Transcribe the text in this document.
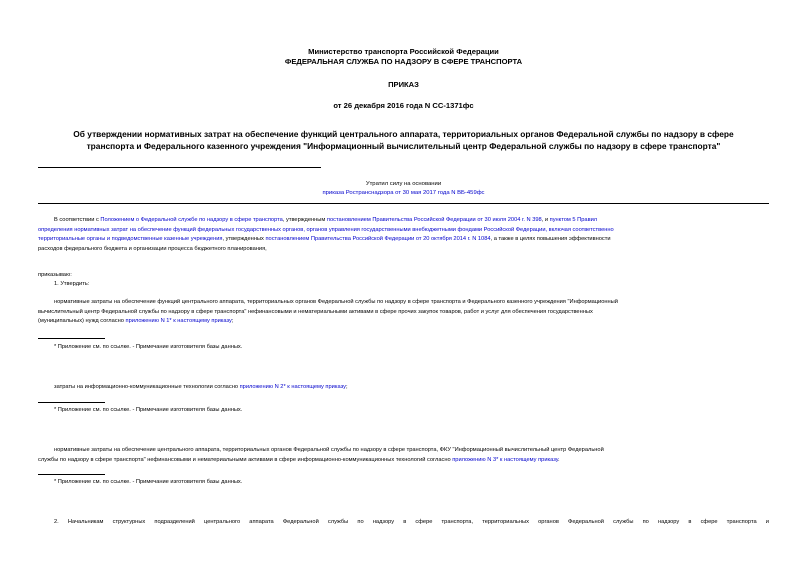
Министерство транспорта Российской Федерации
ФЕДЕРАЛЬНАЯ СЛУЖБА ПО НАДЗОРУ В СФЕРЕ ТРАНСПОРТА
ПРИКАЗ
от 26 декабря 2016 года N СС-1371фс
Об утверждении нормативных затрат на обеспечение функций центрального аппарата, территориальных органов Федеральной службы по надзору в сфере
транспорта и Федерального казенного учреждения "Информационный вычислительный центр Федеральной службы по надзору в сфере транспорта"
Утратил силу на основании
приказа Ространснадзора от 30 мая 2017 года N ВБ-459фс
В соответствии с Положением о Федеральной службе по надзору в сфере транспорта, утвержденным постановлением Правительства Российской Федерации от 30 июля 2004 г. N 398, и пунктом 5 Правил
определения нормативных затрат на обеспечение функций федеральных государственных органов, органов управления государственными внебюджетными фондами Российской Федерации, включая соответственно
территориальные органы и подведомственные казенные учреждения, утвержденных постановлением Правительства Российской Федерации от 20 октября 2014 г. N 1084, а также в целях повышения эффективности
расходов федерального бюджета и организации процесса бюджетного планирования,
приказываю:
1. Утвердить:
нормативные затраты на обеспечение функций центрального аппарата, территориальных органов Федеральной службы по надзору в сфере транспорта и Федерального казенного учреждения "Информационный
вычислительный центр Федеральной службы по надзору в сфере транспорта" нефинансовыми и нематериальными активами в сфере прочих закупок товаров, работ и услуг для обеспечения государственных
(муниципальных) нужд согласно приложению N 1* к настоящему приказу;
* Приложение см. по ссылке. - Примечание изготовителя базы данных.
затраты на информационно-коммуникационные технологии согласно приложению N 2* к настоящему приказу;
* Приложение см. по ссылке. - Примечание изготовителя базы данных.
нормативные затраты на обеспечение центрального аппарата, территориальных органов Федеральной службы по надзору в сфере транспорта, ФКУ "Информационный вычислительный центр Федеральной
службы по надзору в сфере транспорта" нефинансовыми и нематериальными активами в сфере информационно-коммуникационных технологий согласно приложению N 3* к настоящему приказу.
* Приложение см. по ссылке. - Примечание изготовителя базы данных.
2. Начальникам структурных подразделений центрального аппарата Федеральной службы по надзору в сфере транспорта, территориальных органов Федеральной службы по надзору в сфере транспорта и
